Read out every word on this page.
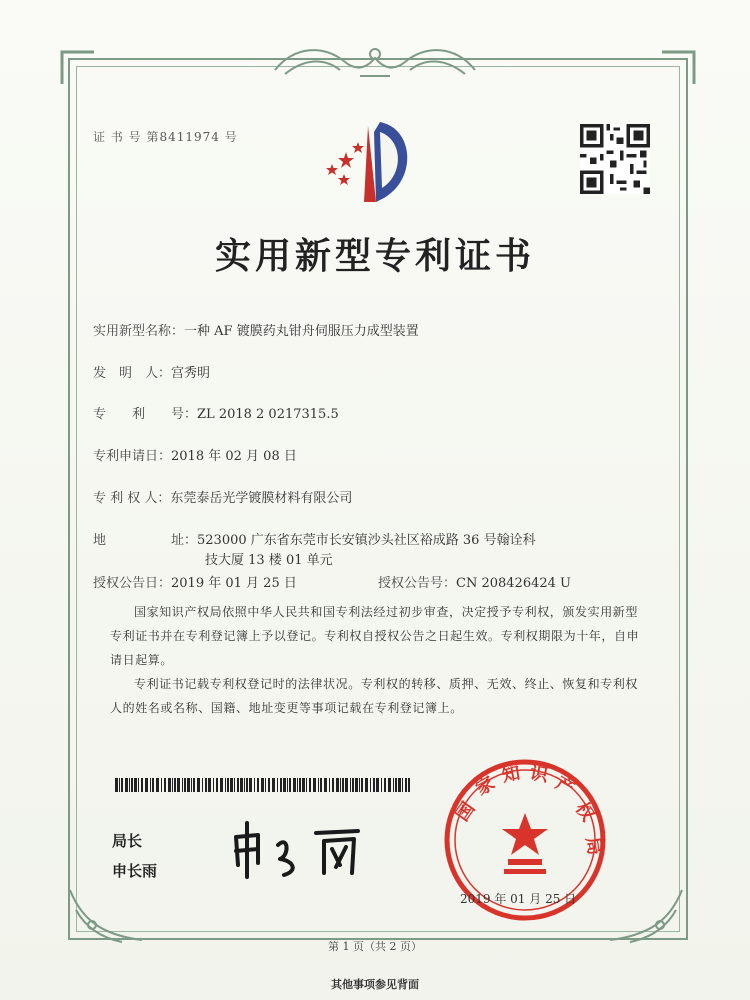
证 书 号 第8411974 号
实用新型专利证书
实用新型名称：一种 AF 镀膜药丸钳舟伺服压力成型装置
发　明　人：宫秀明
专　　利　　号：ZL 2018 2 0217315.5
专利申请日：2018 年 02 月 08 日
专 利 权 人：东莞泰岳光学镀膜材料有限公司
地　　　　　址：523000 广东省东莞市长安镇沙头社区裕成路 36 号翰诠科
技大厦 13 楼 01 单元
授权公告日：2019 年 01 月 25 日	授权公告号：CN 208426424 U
国家知识产权局依照中华人民共和国专利法经过初步审查，决定授予专利权，颁发实用新型专利证书并在专利登记簿上予以登记。专利权自授权公告之日起生效。专利权期限为十年，自申请日起算。
专利证书记载专利权登记时的法律状况。专利权的转移、质押、无效、终止、恢复和专利权人的姓名或名称、国籍、地址变更等事项记载在专利登记簿上。
局长
申长雨
国
家 知 识 产
权
局
2019 年 01 月 25 日
第 1 页（共 2 页）
其他事项参见背面
